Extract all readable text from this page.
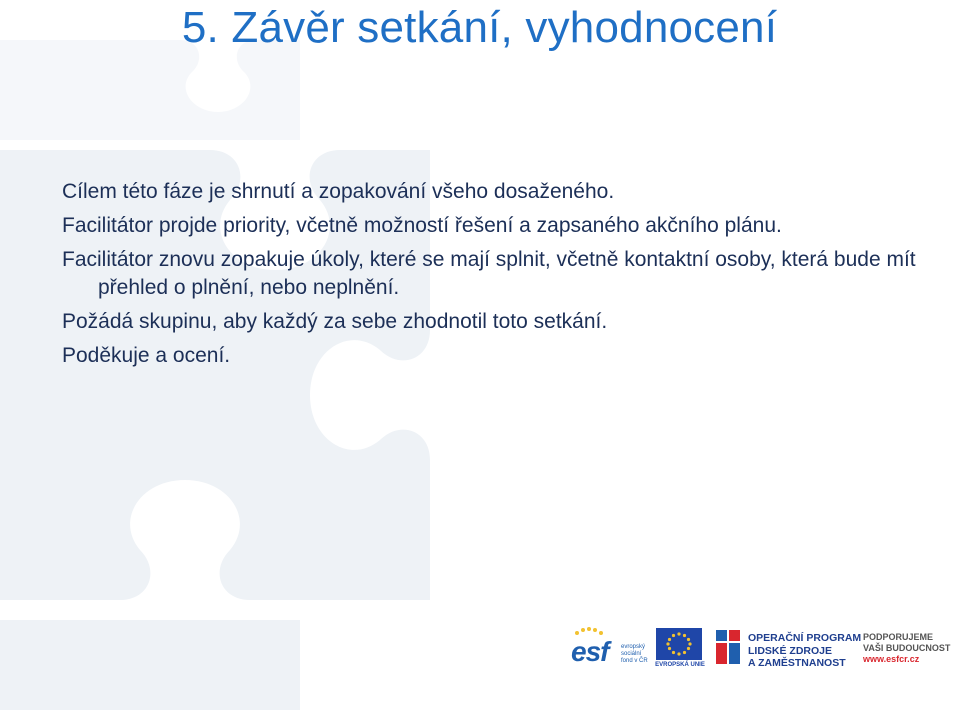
5. Závěr setkání, vyhodnocení

Cílem této fáze je shrnutí a zopakování všeho dosaženého.

Facilitátor projde priority, včetně možností řešení a zapsaného akčního plánu.

Facilitátor znovu zopakuje úkoly, které se mají splnit, včetně kontaktní osoby, která bude mít přehled o plnění, nebo neplnění.

Požádá skupinu, aby každý za sebe zhodnotil toto setkání.

Poděkuje a ocení.

esf evropský
sociální
fond v ČR
EVROPSKÁ UNIE
OPERAČNÍ PROGRAM
LIDSKÉ ZDROJE
A ZAMĚSTNANOST
PODPORUJEME
VAŠI BUDOUCNOST
www.esfcr.cz
